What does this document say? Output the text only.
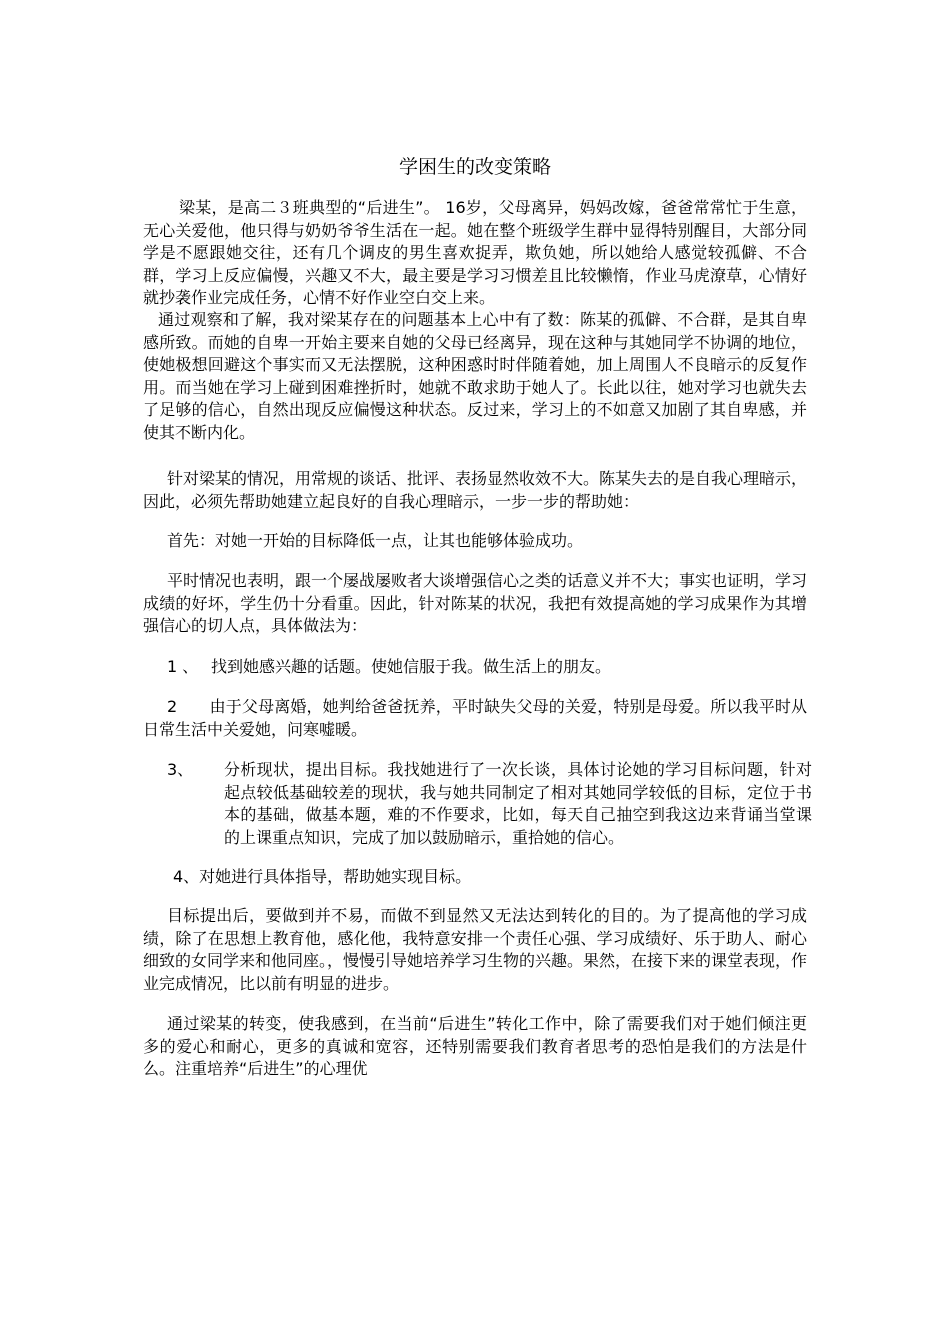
学困生的改变策略

梁某，是高二３班典型的“后进生”。 16岁，父母离异，妈妈改嫁，爸爸常常忙于生意，无心关爱他，他只得与奶奶爷爷生活在一起。她在整个班级学生群中显得特别醒目，大部分同学是不愿跟她交往，还有几个调皮的男生喜欢捉弄，欺负她，所以她给人感觉较孤僻、不合群，学习上反应偏慢，兴趣又不大，最主要是学习习惯差且比较懒惰，作业马虎潦草，心情好就抄袭作业完成任务，心情不好作业空白交上来。

通过观察和了解，我对梁某存在的问题基本上心中有了数：陈某的孤僻、不合群，是其自卑感所致。而她的自卑一开始主要来自她的父母已经离异，现在这种与其她同学不协调的地位，使她极想回避这个事实而又无法摆脱，这种困惑时时伴随着她，加上周围人不良暗示的反复作用。而当她在学习上碰到困难挫折时，她就不敢求助于她人了。长此以往，她对学习也就失去了足够的信心，自然出现反应偏慢这种状态。反过来，学习上的不如意又加剧了其自卑感，并使其不断内化。

针对梁某的情况，用常规的谈话、批评、表扬显然收效不大。陈某失去的是自我心理暗示，因此，必须先帮助她建立起良好的自我心理暗示，一步一步的帮助她：

首先：对她一开始的目标降低一点，让其也能够体验成功。

平时情况也表明，跟一个屡战屡败者大谈增强信心之类的话意义并不大；事实也证明，学习成绩的好坏，学生仍十分看重。因此，针对陈某的状况，我把有效提高她的学习成果作为其增强信心的切人点，具体做法为：

1 、 找到她感兴趣的话题。使她信服于我。做生活上的朋友。

2　　由于父母离婚，她判给爸爸抚养，平时缺失父母的关爱，特别是母爱。所以我平时从日常生活中关爱她，问寒嘘暖。

3、 分析现状，提出目标。我找她进行了一次长谈，具体讨论她的学习目标问题，针对起点较低基础较差的现状，我与她共同制定了相对其她同学较低的目标，定位于书本的基础，做基本题，难的不作要求，比如，每天自己抽空到我这边来背诵当堂课的上课重点知识，完成了加以鼓励暗示，重拾她的信心。

4、对她进行具体指导，帮助她实现目标。

目标提出后，要做到并不易，而做不到显然又无法达到转化的目的。为了提高他的学习成绩，除了在思想上教育他，感化他，我特意安排一个责任心强、学习成绩好、乐于助人、耐心细致的女同学来和他同座。，慢慢引导她培养学习生物的兴趣。果然，在接下来的课堂表现，作业完成情况，比以前有明显的进步。

通过梁某的转变，使我感到，在当前“后进生”转化工作中，除了需要我们对于她们倾注更多的爱心和耐心，更多的真诚和宽容，还特别需要我们教育者思考的恐怕是我们的方法是什么。注重培养“后进生”的心理优
